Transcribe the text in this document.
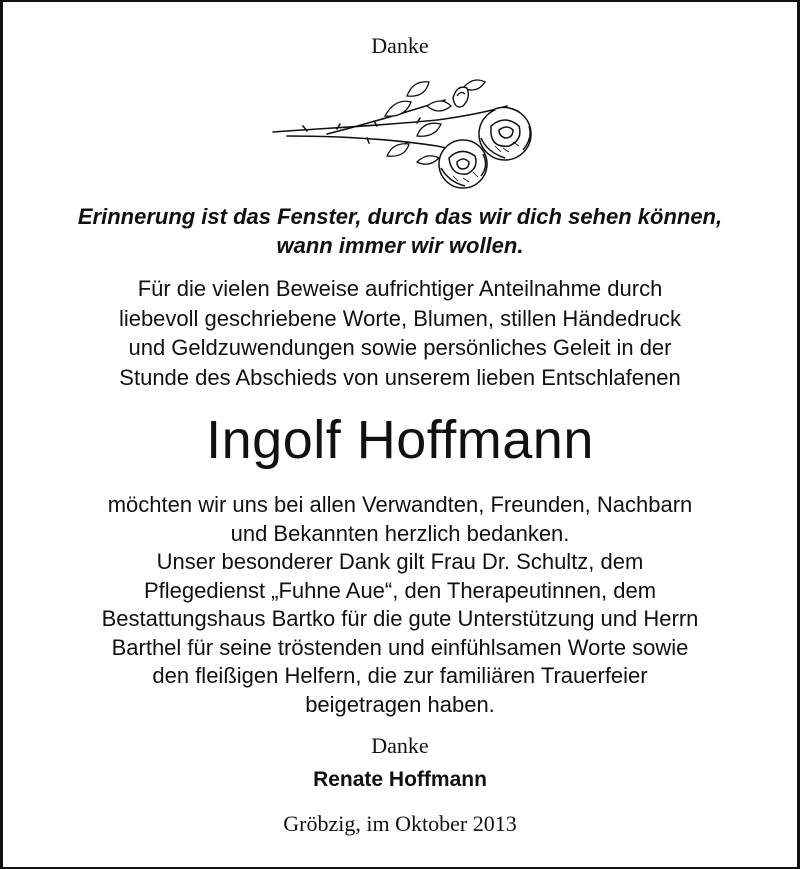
Danke
Erinnerung ist das Fenster, durch das wir dich sehen können,
wann immer wir wollen.
Für die vielen Beweise aufrichtiger Anteilnahme durch
liebevoll geschriebene Worte, Blumen, stillen Händedruck
und Geldzuwendungen sowie persönliches Geleit in der
Stunde des Abschieds von unserem lieben Entschlafenen
Ingolf Hoffmann
möchten wir uns bei allen Verwandten, Freunden, Nachbarn
und Bekannten herzlich bedanken.
Unser besonderer Dank gilt Frau Dr. Schultz, dem
Pflegedienst „Fuhne Aue“, den Therapeutinnen, dem
Bestattungshaus Bartko für die gute Unterstützung und Herrn
Barthel für seine tröstenden und einfühlsamen Worte sowie
den fleißigen Helfern, die zur familiären Trauerfeier
beigetragen haben.
Danke
Renate Hoffmann
Gröbzig, im Oktober 2013
